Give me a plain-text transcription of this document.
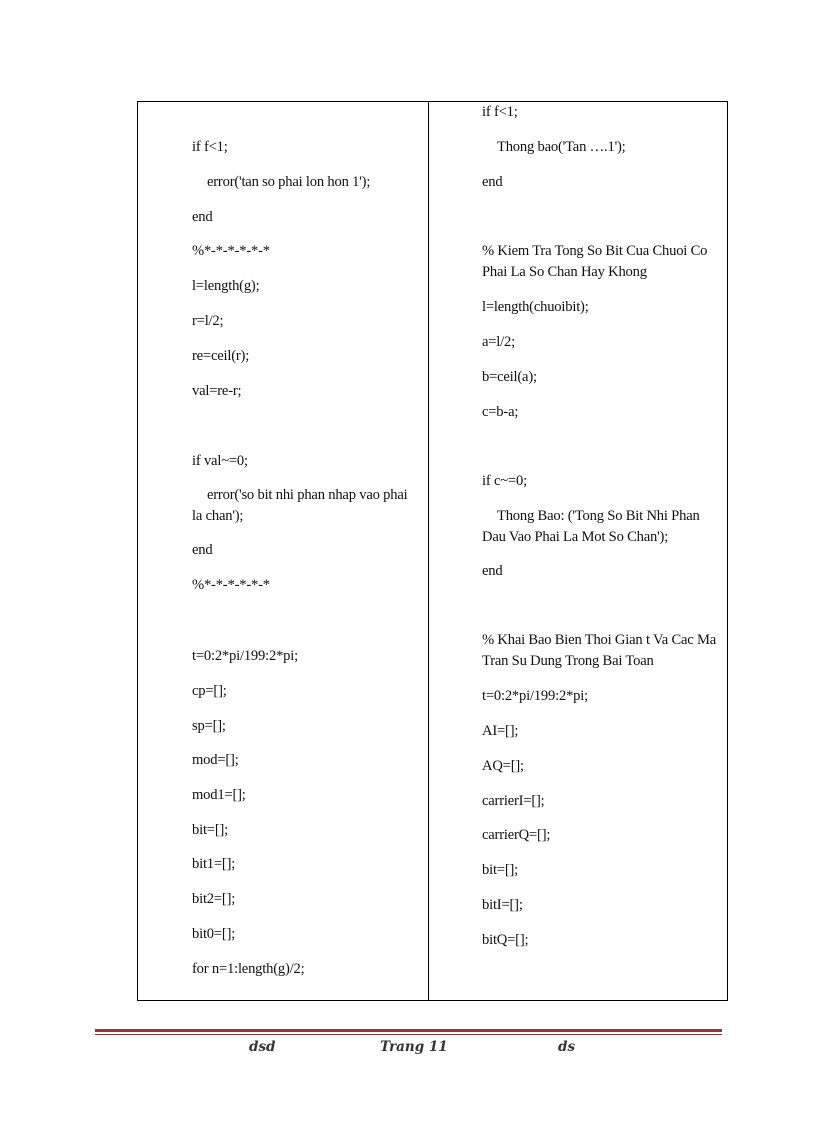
if f<1;
error('tan so phai lon hon 1');
end
%*-*-*-*-*-*
l=length(g);
r=l/2;
re=ceil(r);
val=re-r;
if val~=0;
error('so bit nhi phan nhap vao phai la chan');
end
%*-*-*-*-*-*
t=0:2*pi/199:2*pi;
cp=[];
sp=[];
mod=[];
mod1=[];
bit=[];
bit1=[];
bit2=[];
bit0=[];
for n=1:length(g)/2;
if f<1;
Thong bao('Tan ….1');
end
% Kiem Tra Tong So Bit Cua Chuoi Co Phai La So Chan Hay Khong
l=length(chuoibit);
a=l/2;
b=ceil(a);
c=b-a;
if c~=0;
Thong Bao: ('Tong So Bit Nhi Phan Dau Vao Phai La Mot So Chan');
end
% Khai Bao Bien Thoi Gian t Va Cac Ma Tran Su Dung Trong Bai Toan
t=0:2*pi/199:2*pi;
AI=[];
AQ=[];
carrierI=[];
carrierQ=[];
bit=[];
bitI=[];
bitQ=[];
dsd	Trang 11	ds
